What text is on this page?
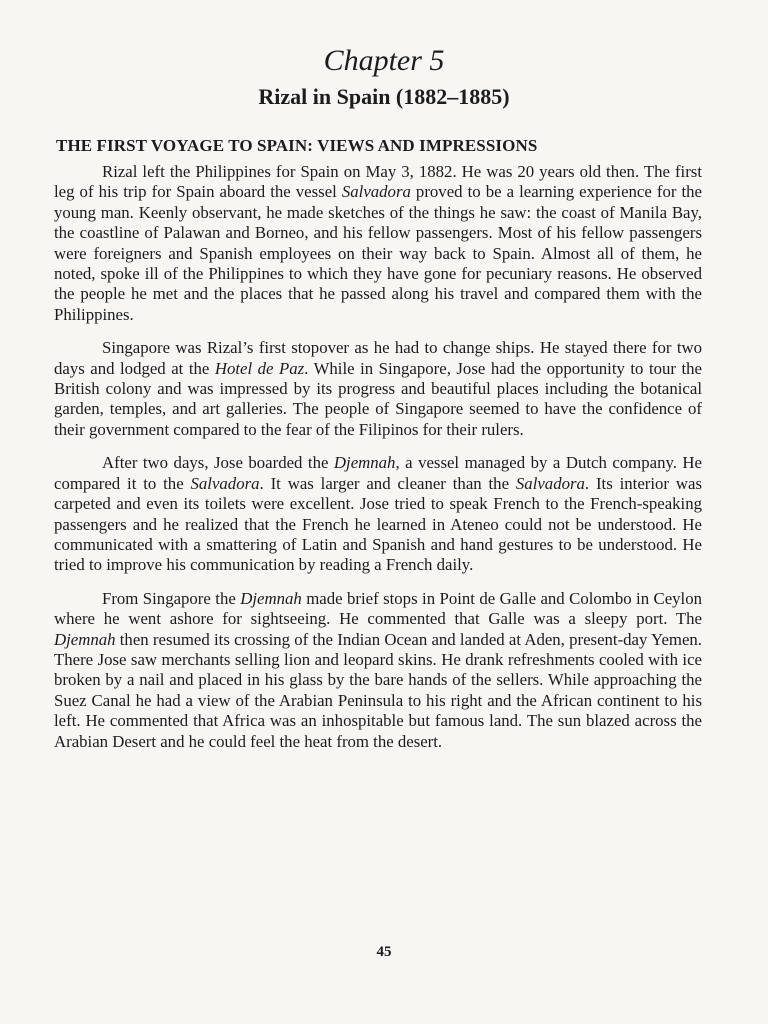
Chapter 5
Rizal in Spain (1882–1885)
THE FIRST VOYAGE TO SPAIN: VIEWS AND IMPRESSIONS

Rizal left the Philippines for Spain on May 3, 1882. He was 20 years old then. The first leg of his trip for Spain aboard the vessel Salvadora proved to be a learning experience for the young man. Keenly observant, he made sketches of the things he saw: the coast of Manila Bay, the coastline of Palawan and Borneo, and his fellow passengers. Most of his fellow passengers were foreigners and Spanish employees on their way back to Spain. Almost all of them, he noted, spoke ill of the Philippines to which they have gone for pecuniary reasons. He observed the people he met and the places that he passed along his travel and compared them with the Philippines.

Singapore was Rizal’s first stopover as he had to change ships. He stayed there for two days and lodged at the Hotel de Paz. While in Singapore, Jose had the opportunity to tour the British colony and was impressed by its progress and beautiful places including the botanical garden, temples, and art galleries. The people of Singapore seemed to have the confidence of their government compared to the fear of the Filipinos for their rulers.

After two days, Jose boarded the Djemnah, a vessel managed by a Dutch company. He compared it to the Salvadora. It was larger and cleaner than the Salvadora. Its interior was carpeted and even its toilets were excellent. Jose tried to speak French to the French-speaking passengers and he realized that the French he learned in Ateneo could not be understood. He communicated with a smattering of Latin and Spanish and hand gestures to be understood. He tried to improve his communication by reading a French daily.

From Singapore the Djemnah made brief stops in Point de Galle and Colombo in Ceylon where he went ashore for sightseeing. He commented that Galle was a sleepy port. The Djemnah then resumed its crossing of the Indian Ocean and landed at Aden, present-day Yemen. There Jose saw merchants selling lion and leopard skins. He drank refreshments cooled with ice broken by a nail and placed in his glass by the bare hands of the sellers. While approaching the Suez Canal he had a view of the Arabian Peninsula to his right and the African continent to his left. He commented that Africa was an inhospitable but famous land. The sun blazed across the Arabian Desert and he could feel the heat from the desert.

45
